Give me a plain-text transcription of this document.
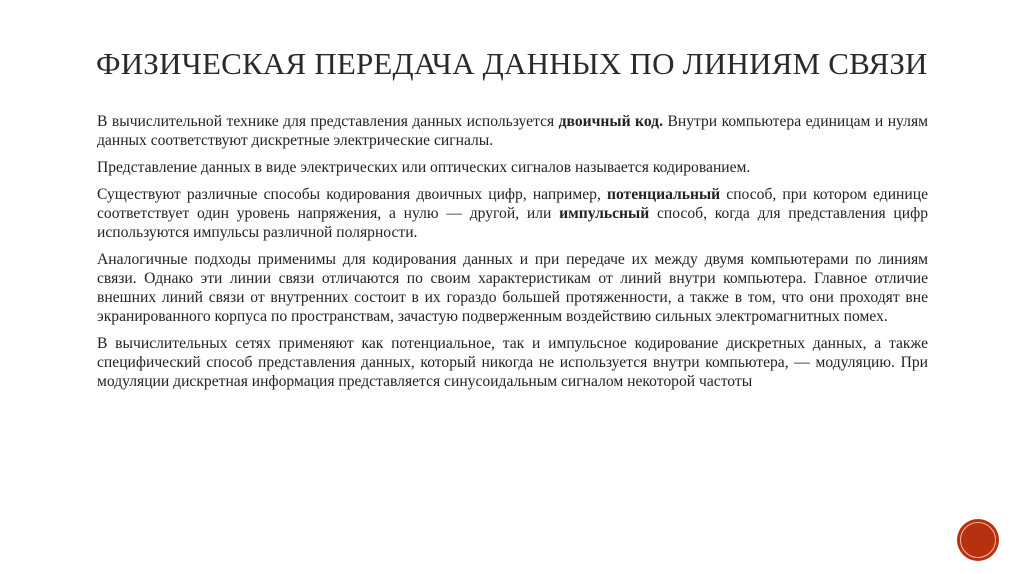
ФИЗИЧЕСКАЯ ПЕРЕДАЧА ДАННЫХ ПО ЛИНИЯМ СВЯЗИ

В вычислительной технике для представления данных используется двоичный код. Внутри компьютера единицам и нулям данных соответствуют дискретные электрические сигналы.

Представление данных в виде электрических или оптических сигналов называется кодированием.

Существуют различные способы кодирования двоичных цифр, например, потенциальный способ, при котором единице соответствует один уровень напряжения, а нулю — другой, или импульсный способ, когда для представления цифр используются импульсы различной полярности.

Аналогичные подходы применимы для кодирования данных и при передаче их между двумя компьютерами по линиям связи. Однако эти линии связи отличаются по своим характеристикам от линий внутри компьютера. Главное отличие внешних линий связи от внутренних состоит в их гораздо большей протяженности, а также в том, что они проходят вне экранированного корпуса по пространствам, зачастую подверженным воздействию сильных электромагнитных помех.

В вычислительных сетях применяют как потенциальное, так и импульсное кодирование дискретных данных, а также специфический способ представления данных, который никогда не используется внутри компьютера, — модуляцию. При модуляции дискретная информация представляется синусоидальным сигналом некоторой частоты
